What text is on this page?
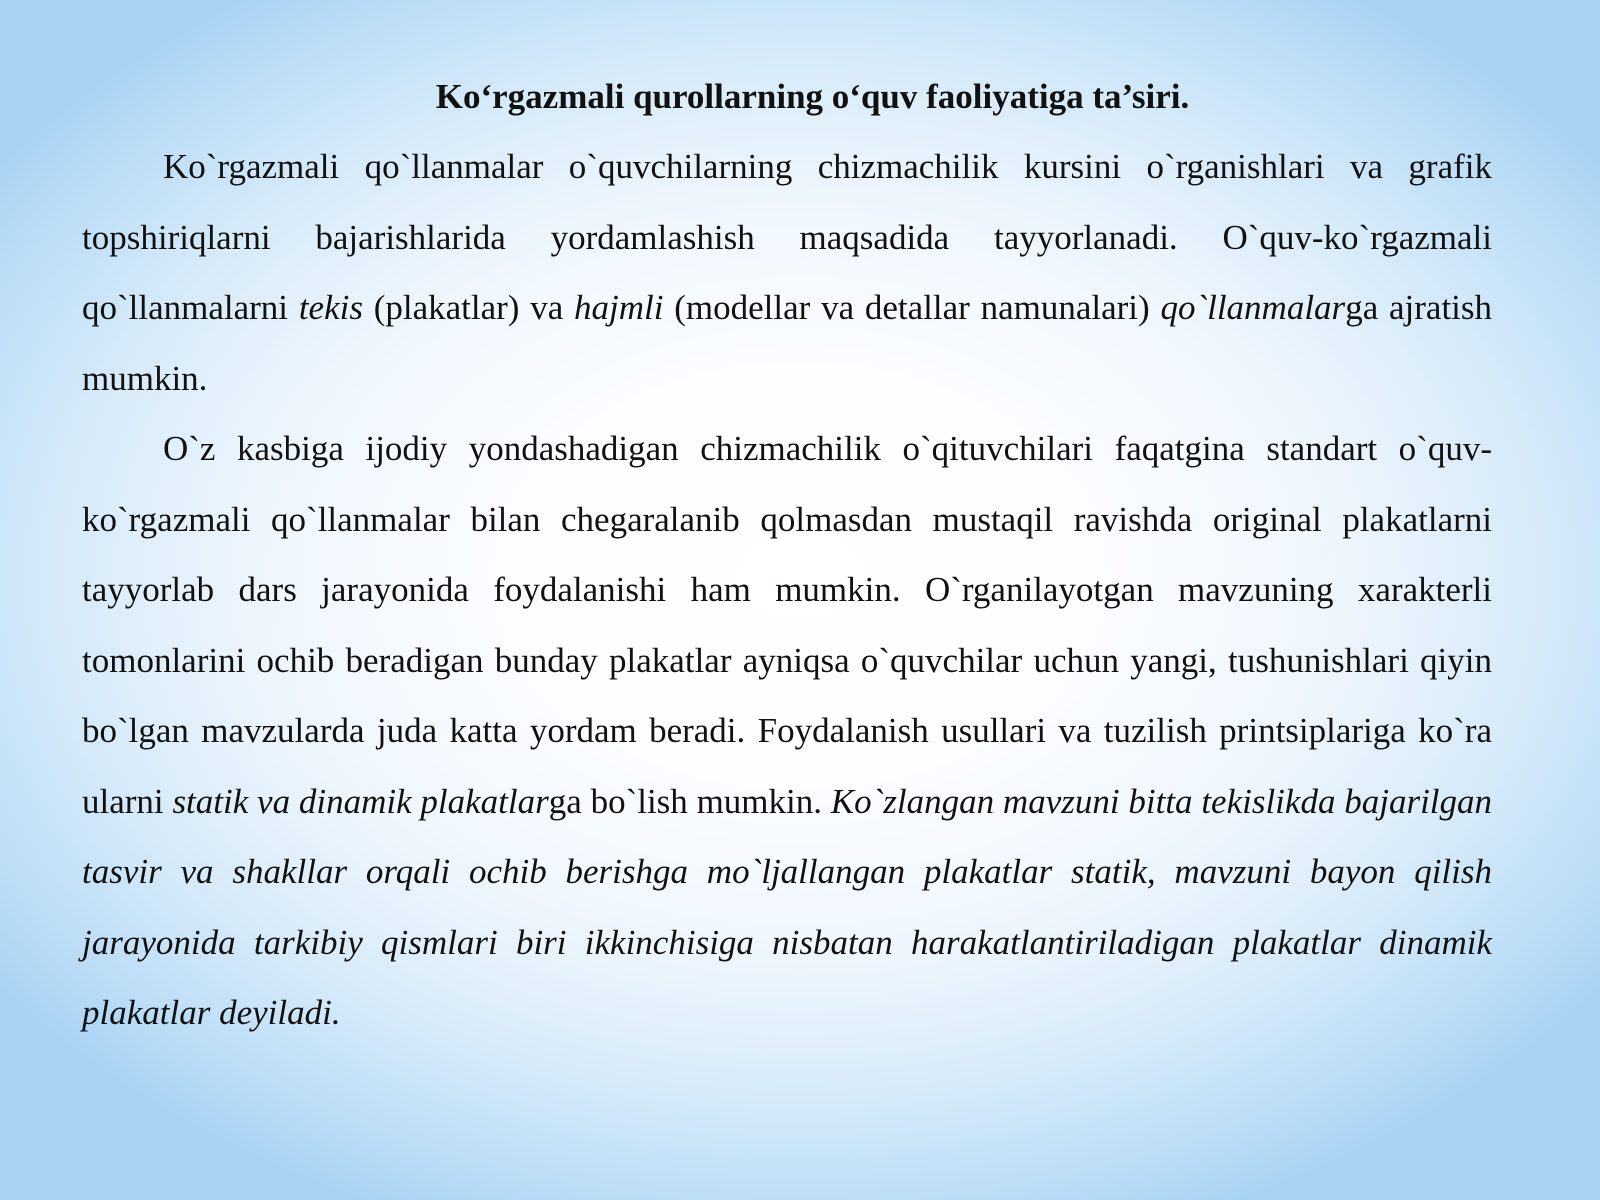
Ko‘rgazmali qurollarning o‘quv faoliyatiga ta’siri.

Ko`rgazmali qo`llanmalar o`quvchilarning chizmachilik kursini o`rganishlari va grafik topshiriqlarni bajarishlarida yordamlashish maqsadida tayyorlanadi. O`quv-ko`rgazmali qo`llanmalarni tekis (plakatlar) va hajmli (modellar va detallar namunalari) qo`llanmalarga ajratish mumkin.

O`z kasbiga ijodiy yondashadigan chizmachilik o`qituvchilari faqatgina standart o`quv-ko`rgazmali qo`llanmalar bilan chegaralanib qolmasdan mustaqil ravishda original plakatlarni tayyorlab dars jarayonida foydalanishi ham mumkin. O`rganilayotgan mavzuning xarakterli tomonlarini ochib beradigan bunday plakatlar ayniqsa o`quvchilar uchun yangi, tushunishlari qiyin bo`lgan mavzularda juda katta yordam beradi. Foydalanish usullari va tuzilish printsiplariga ko`ra ularni statik va dinamik plakatlarga bo`lish mumkin. Ko`zlangan mavzuni bitta tekislikda bajarilgan tasvir va shakllar orqali ochib berishga mo`ljallangan plakatlar statik, mavzuni bayon qilish jarayonida tarkibiy qismlari biri ikkinchisiga nisbatan harakatlantiriladigan plakatlar dinamik plakatlar deyiladi.
